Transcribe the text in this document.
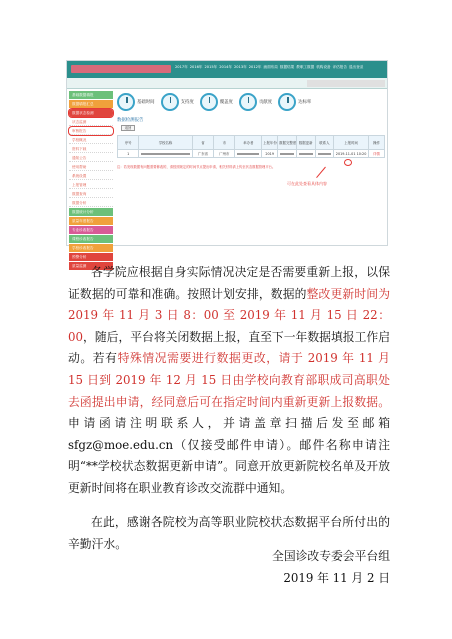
2017年 2016年 2015年 2014年 2013年 2012年 画面布局 数据结果 教职工数据 机构设备 评估报告 退出登录
基础数据填报
数据填报汇总
数据状态检测
状态监测
审核报告
学校概况
资料下载
通知公告
使用帮助
系统设置
上报管理
数据查询
数据分析
数据统计分析
质量年度报告
专业诊改报告
课程诊改报告
学校诊改报告
预警分析
质量监测
基础时间	支持度	覆盖度	贡献度	达标率
数据检测报告
返回
序号	学校名称	省	市	举办者	上报年份	数据完整度	数据更新	联系人	上报时间	操作
1		广东省	广州市		2019				2019-11-01 10:20	详情
注：若发现数据有问题需要修改的，请按照规定的时间节点提出申请，相关材料请上传至状态数据管理平台。
可在此处查看具体内容

各学院应根据自身实际情况决定是否需要重新上报，以保证数据的可靠和准确。按照计划安排，数据的整改更新时间为 2019 年 11 月 3 日 8：00 至 2019 年 11 月 15 日 22：00，随后，平台将关闭数据上报，直至下一年数据填报工作启动。若有特殊情况需要进行数据更改，请于 2019 年 11 月 15 日到 2019 年 12 月 15 日由学校向教育部职成司高职处去函提出申请，经同意后可在指定时间内重新更新上报数据。申请函请注明联系人，并请盖章扫描后发至邮箱 sfgz@moe.edu.cn（仅接受邮件申请）。邮件名称申请注明“**学校状态数据更新申请”。同意开放更新院校名单及开放更新时间将在职业教育诊改交流群中通知。

在此，感谢各院校为高等职业院校状态数据平台所付出的辛勤汗水。

全国诊改专委会平台组
2019 年 11 月 2 日
